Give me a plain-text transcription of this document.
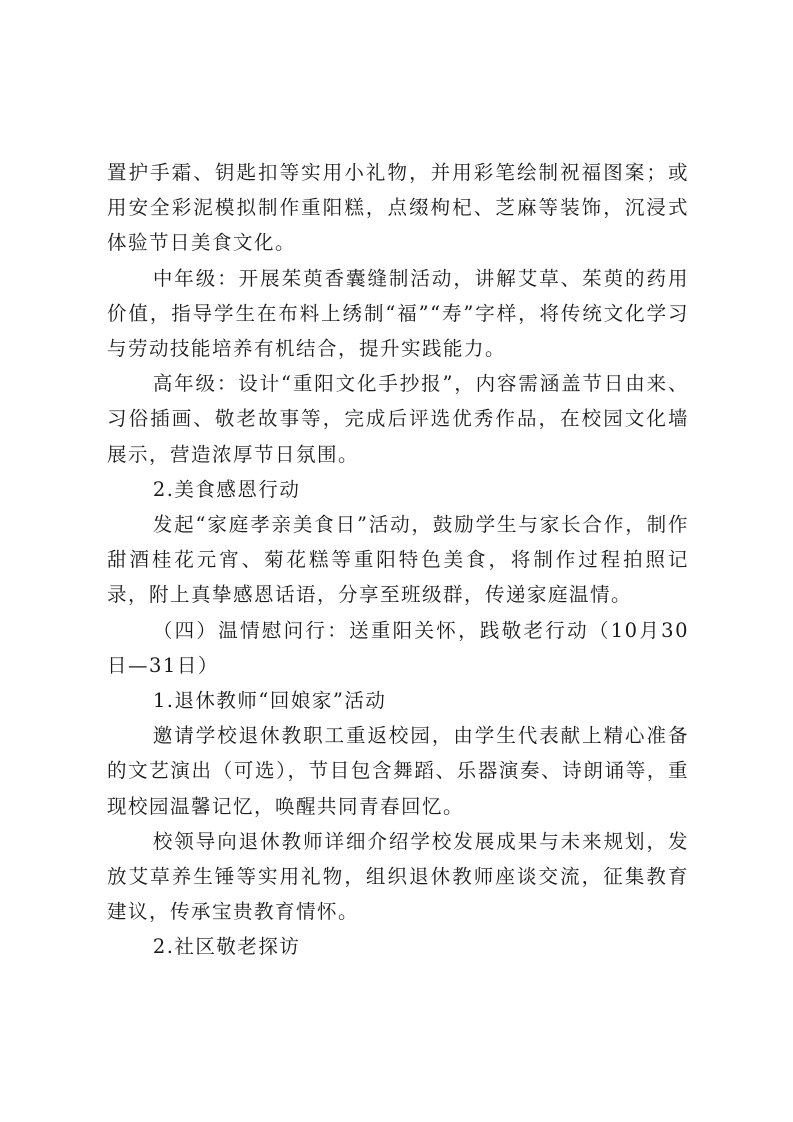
置护手霜、钥匙扣等实用小礼物，并用彩笔绘制祝福图案；或用安全彩泥模拟制作重阳糕，点缀枸杞、芝麻等装饰，沉浸式体验节日美食文化。

中年级：开展茱萸香囊缝制活动，讲解艾草、茱萸的药用价值，指导学生在布料上绣制“福”“寿”字样，将传统文化学习与劳动技能培养有机结合，提升实践能力。

高年级：设计“重阳文化手抄报”，内容需涵盖节日由来、习俗插画、敬老故事等，完成后评选优秀作品，在校园文化墙展示，营造浓厚节日氛围。

2.美食感恩行动

发起“家庭孝亲美食日”活动，鼓励学生与家长合作，制作甜酒桂花元宵、菊花糕等重阳特色美食，将制作过程拍照记录，附上真挚感恩话语，分享至班级群，传递家庭温情。

（四）温情慰问行：送重阳关怀，践敬老行动（10月30日—31日）

1.退休教师“回娘家”活动

邀请学校退休教职工重返校园，由学生代表献上精心准备的文艺演出（可选），节目包含舞蹈、乐器演奏、诗朗诵等，重现校园温馨记忆，唤醒共同青春回忆。

校领导向退休教师详细介绍学校发展成果与未来规划，发放艾草养生锤等实用礼物，组织退休教师座谈交流，征集教育建议，传承宝贵教育情怀。

2.社区敬老探访
